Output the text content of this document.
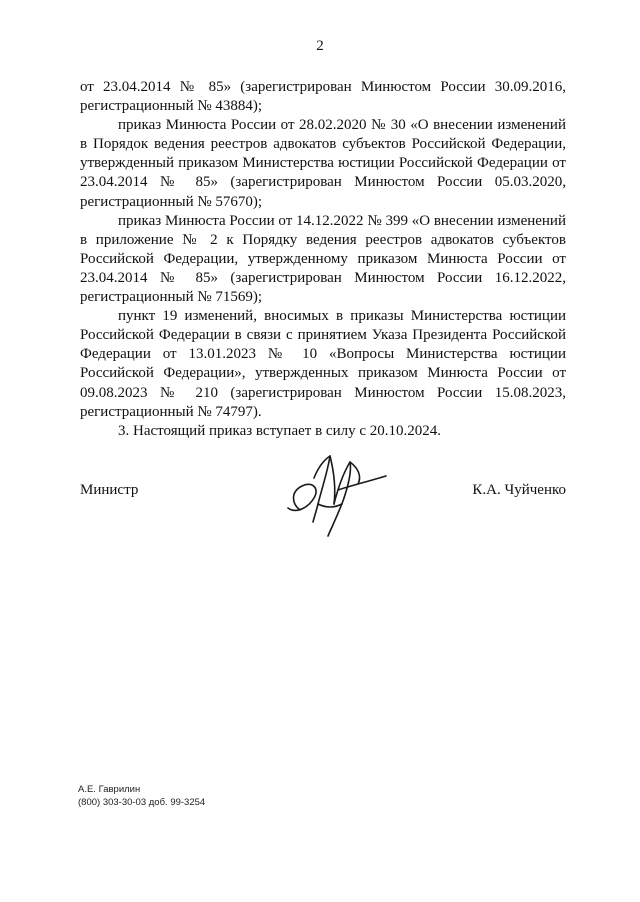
2

от 23.04.2014 № 85» (зарегистрирован Минюстом России 30.09.2016, регистрационный № 43884);

приказ Минюста России от 28.02.2020 № 30 «О внесении изменений в Порядок ведения реестров адвокатов субъектов Российской Федерации, утвержденный приказом Министерства юстиции Российской Федерации от 23.04.2014 № 85» (зарегистрирован Минюстом России 05.03.2020, регистрационный № 57670);

приказ Минюста России от 14.12.2022 № 399 «О внесении изменений в приложение № 2 к Порядку ведения реестров адвокатов субъектов Российской Федерации, утвержденному приказом Минюста России от 23.04.2014 № 85» (зарегистрирован Минюстом России 16.12.2022, регистрационный № 71569);

пункт 19 изменений, вносимых в приказы Министерства юстиции Российской Федерации в связи с принятием Указа Президента Российской Федерации от 13.01.2023 № 10 «Вопросы Министерства юстиции Российской Федерации», утвержденных приказом Минюста России от 09.08.2023 № 210 (зарегистрирован Минюстом России 15.08.2023, регистрационный № 74797).

3. Настоящий приказ вступает в силу с 20.10.2024.

Министр	К.А. Чуйченко
А.Е. Гаврилин
(800) 303-30-03 доб. 99-3254
